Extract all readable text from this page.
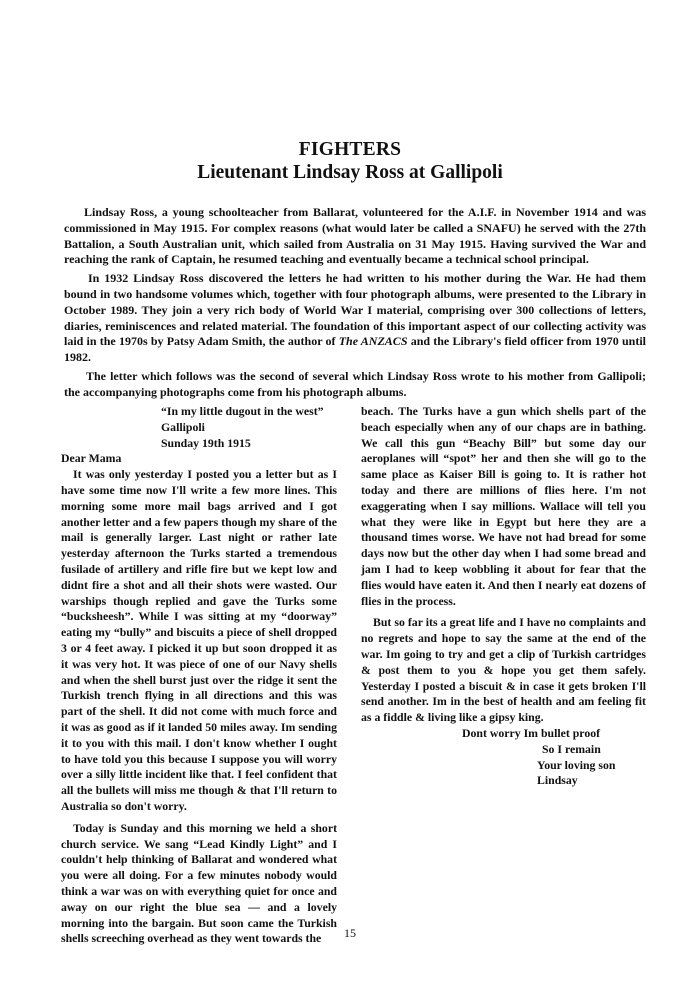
FIGHTERS
Lieutenant Lindsay Ross at Gallipoli

Lindsay Ross, a young schoolteacher from Ballarat, volunteered for the A.I.F. in November 1914 and was commissioned in May 1915. For complex reasons (what would later be called a SNAFU) he served with the 27th Battalion, a South Australian unit, which sailed from Australia on 31 May 1915. Having survived the War and reaching the rank of Captain, he resumed teaching and eventually became a technical school principal.

In 1932 Lindsay Ross discovered the letters he had written to his mother during the War. He had them bound in two handsome volumes which, together with four photograph albums, were presented to the Library in October 1989. They join a very rich body of World War I material, comprising over 300 collections of letters, diaries, reminiscences and related material. The foundation of this important aspect of our collecting activity was laid in the 1970s by Patsy Adam Smith, the author of The ANZACS and the Library's field officer from 1970 until 1982.

The letter which follows was the second of several which Lindsay Ross wrote to his mother from Gallipoli; the accompanying photographs come from his photograph albums.

“In my little dugout in the west”
Gallipoli
Sunday 19th 1915

Dear Mama

It was only yesterday I posted you a letter but as I have some time now I'll write a few more lines. This morning some more mail bags arrived and I got another letter and a few papers though my share of the mail is generally larger. Last night or rather late yesterday afternoon the Turks started a tremendous fusilade of artillery and rifle fire but we kept low and didnt fire a shot and all their shots were wasted. Our warships though replied and gave the Turks some “bucksheesh”. While I was sitting at my “doorway” eating my “bully” and biscuits a piece of shell dropped 3 or 4 feet away. I picked it up but soon dropped it as it was very hot. It was piece of one of our Navy shells and when the shell burst just over the ridge it sent the Turkish trench flying in all directions and this was part of the shell. It did not come with much force and it was as good as if it landed 50 miles away. Im sending it to you with this mail. I don't know whether I ought to have told you this because I suppose you will worry over a silly little incident like that. I feel confident that all the bullets will miss me though & that I'll return to Australia so don't worry.

Today is Sunday and this morning we held a short church service. We sang “Lead Kindly Light” and I couldn't help thinking of Ballarat and wondered what you were all doing. For a few minutes nobody would think a war was on with everything quiet for once and away on our right the blue sea — and a lovely morning into the bargain. But soon came the Turkish shells screeching overhead as they went towards the

beach. The Turks have a gun which shells part of the beach especially when any of our chaps are in bathing. We call this gun “Beachy Bill” but some day our aeroplanes will “spot” her and then she will go to the same place as Kaiser Bill is going to. It is rather hot today and there are millions of flies here. I'm not exaggerating when I say millions. Wallace will tell you what they were like in Egypt but here they are a thousand times worse. We have not had bread for some days now but the other day when I had some bread and jam I had to keep wobbling it about for fear that the flies would have eaten it. And then I nearly eat dozens of flies in the process.

But so far its a great life and I have no complaints and no regrets and hope to say the same at the end of the war. Im going to try and get a clip of Turkish cartridges & post them to you & hope you get them safely. Yesterday I posted a biscuit & in case it gets broken I'll send another. Im in the best of health and am feeling fit as a fiddle & living like a gipsy king.

Dont worry Im bullet proof
So I remain
Your loving son
Lindsay
15
